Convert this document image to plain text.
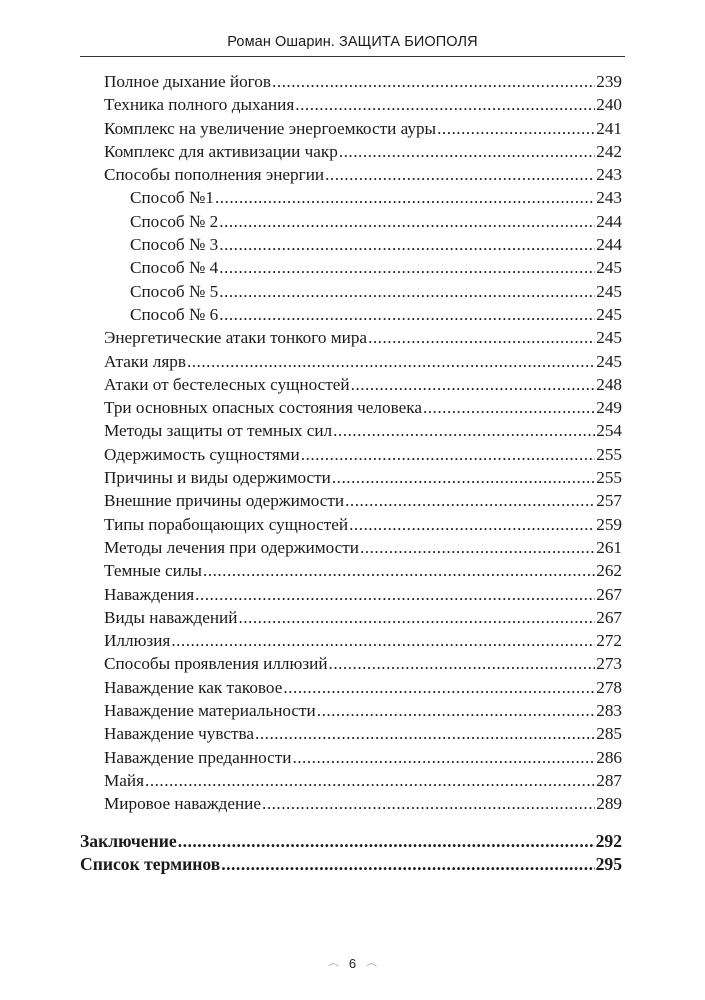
Роман Ошарин. ЗАЩИТА БИОПОЛЯ
Полное дыхание йогов .....	239
Техника полного дыхания .....	240
Комплекс на увеличение энергоемкости ауры .....	241
Комплекс для активизации чакр .....	242
Способы пополнения энергии .....	243
Способ №1 .....	243
Способ № 2 .....	244
Способ № 3 .....	244
Способ № 4 .....	245
Способ № 5 .....	245
Способ № 6 .....	245
Энергетические атаки тонкого мира .....	245
Атаки лярв .....	245
Атаки от бестелесных сущностей .....	248
Три основных опасных состояния человека .....	249
Методы защиты от темных сил .....	254
Одержимость сущностями .....	255
Причины и виды одержимости .....	255
Внешние причины одержимости .....	257
Типы порабощающих сущностей .....	259
Методы лечения при одержимости .....	261
Темные силы .....	262
Наваждения .....	267
Виды наваждений .....	267
Иллюзия .....	272
Способы проявления иллюзий .....	273
Наваждение как таковое .....	278
Наваждение материальности .....	283
Наваждение чувства .....	285
Наваждение преданности .....	286
Майя .....	287
Мировое наваждение .....	289
Заключение .....	292
Список терминов .....	295
෴ 6 ෴
